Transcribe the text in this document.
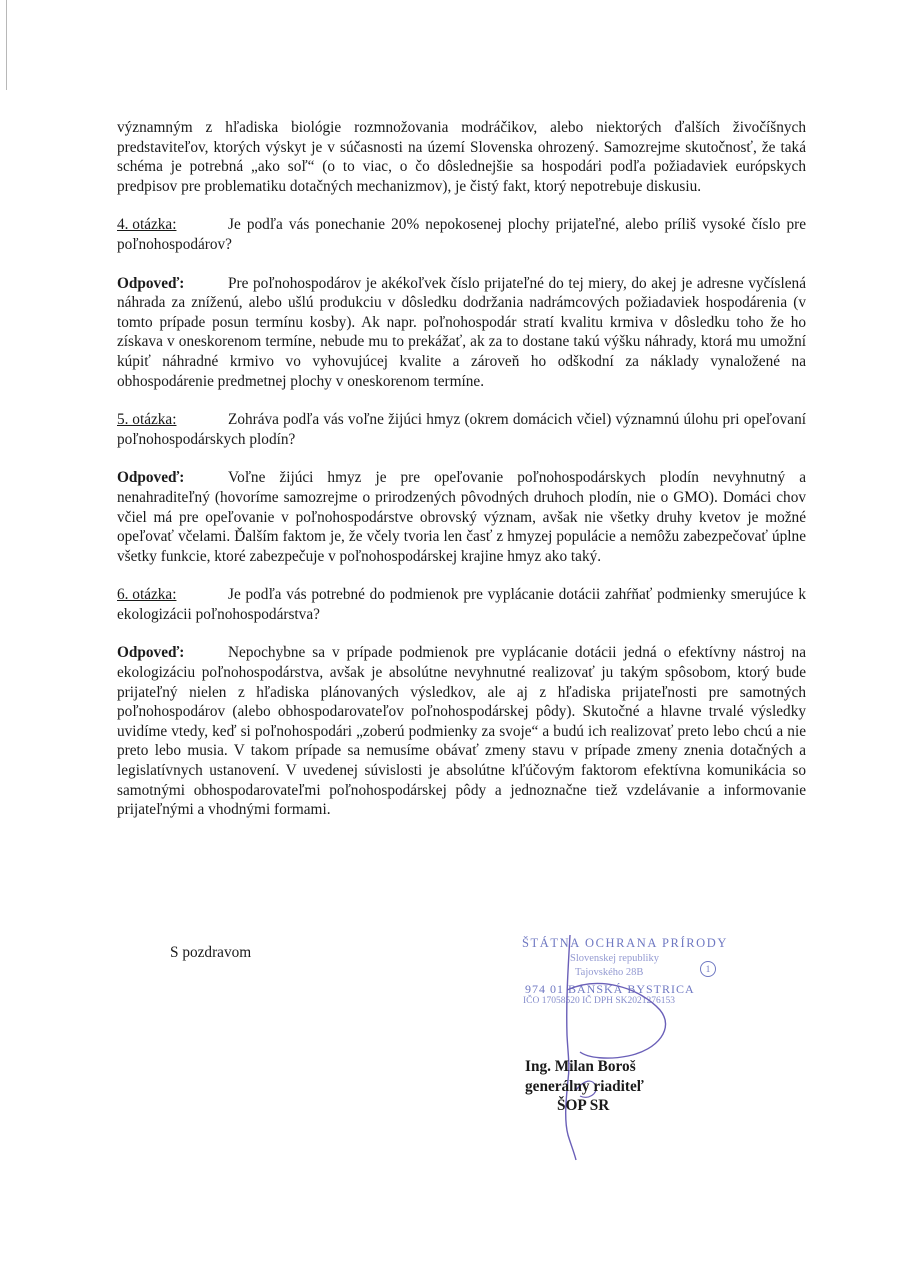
významným z hľadiska biológie rozmnožovania modráčikov, alebo niektorých ďalších živočíšnych predstaviteľov, ktorých výskyt je v súčasnosti na území Slovenska ohrozený. Samozrejme skutočnosť, že taká schéma je potrebná „ako soľ“ (o to viac, o čo dôslednejšie sa hospodári podľa požiadaviek európskych predpisov pre problematiku dotačných mechanizmov), je čistý fakt, ktorý nepotrebuje diskusiu.

4. otázka:	Je podľa vás ponechanie 20% nepokosenej plochy prijateľné, alebo príliš vysoké číslo pre poľnohospodárov?

Odpoveď:	Pre poľnohospodárov je akékoľvek číslo prijateľné do tej miery, do akej je adresne vyčíslená náhrada za zníženú, alebo ušlú produkciu v dôsledku dodržania nadrámcových požiadaviek hospodárenia (v tomto prípade posun termínu kosby). Ak napr. poľnohospodár stratí kvalitu krmiva v dôsledku toho že ho získava v oneskorenom termíne, nebude mu to prekážať, ak za to dostane takú výšku náhrady, ktorá mu umožní kúpiť náhradné krmivo vo vyhovujúcej kvalite a zároveň ho odškodní za náklady vynaložené na obhospodárenie predmetnej plochy v oneskorenom termíne.

5. otázka:	Zohráva podľa vás voľne žijúci hmyz (okrem domácich včiel) významnú úlohu pri opeľovaní poľnohospodárskych plodín?

Odpoveď:	Voľne žijúci hmyz je pre opeľovanie poľnohospodárskych plodín nevyhnutný a nenahraditeľný (hovoríme samozrejme o prirodzených pôvodných druhoch plodín, nie o GMO). Domáci chov včiel má pre opeľovanie v poľnohospodárstve obrovský význam, avšak nie všetky druhy kvetov je možné opeľovať včelami. Ďalším faktom je, že včely tvoria len časť z hmyzej populácie a nemôžu zabezpečovať úplne všetky funkcie, ktoré zabezpečuje v poľnohospodárskej krajine hmyz ako taký.

6. otázka:	Je podľa vás potrebné do podmienok pre vyplácanie dotácii zahŕňať podmienky smerujúce k ekologizácii poľnohospodárstva?

Odpoveď:	Nepochybne sa v prípade podmienok pre vyplácanie dotácii jedná o efektívny nástroj na ekologizáciu poľnohospodárstva, avšak je absolútne nevyhnutné realizovať ju takým spôsobom, ktorý bude prijateľný nielen z hľadiska plánovaných výsledkov, ale aj z hľadiska prijateľnosti pre samotných poľnohospodárov (alebo obhospodarovateľov poľnohospodárskej pôdy). Skutočné a hlavne trvalé výsledky uvidíme vtedy, keď si poľnohospodári „zoberú podmienky za svoje“ a budú ich realizovať preto lebo chcú a nie preto lebo musia. V takom prípade sa nemusíme obávať zmeny stavu v prípade zmeny znenia dotačných a legislatívnych ustanovení. V uvedenej súvislosti je absolútne kľúčovým faktorom efektívna komunikácia so samotnými obhospodarovateľmi poľnohospodárskej pôdy a jednoznačne tiež vzdelávanie a informovanie prijateľnými a vhodnými formami.

S pozdravom
ŠTÁTNA OCHRANA PRÍRODY
Slovenskej republiky
Tajovského 28B	1
974 01 BANSKÁ BYSTRICA
IČO 17058520 IČ DPH SK2021276153
Ing. Milan Boroš
generálny riaditeľ
ŠOP SR
